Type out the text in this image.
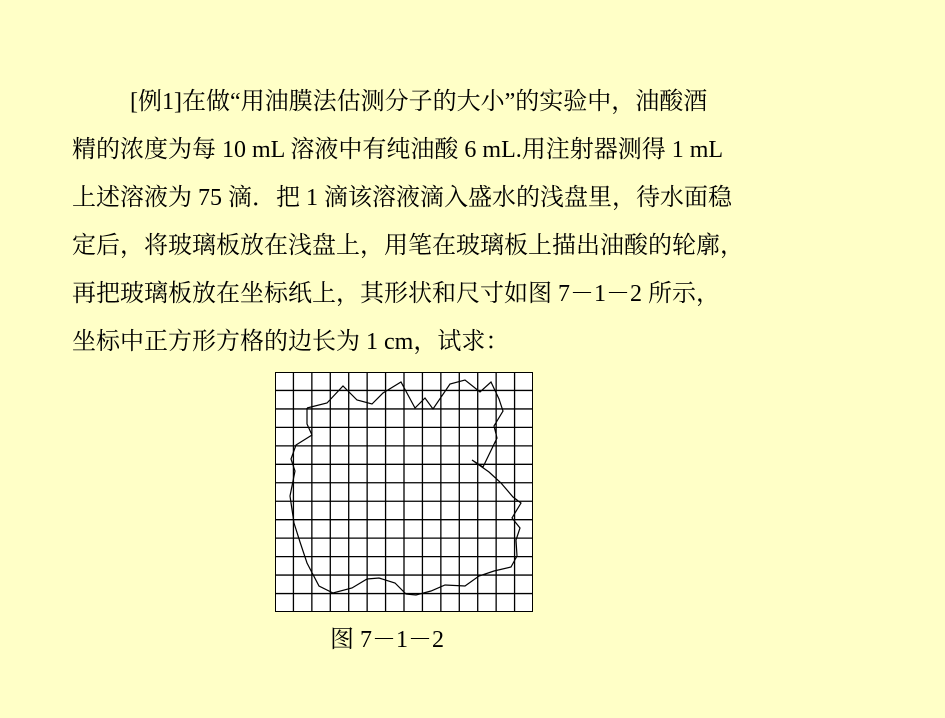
[例1]在做“用油膜法估测分子的大小”的实验中，油酸酒
精的浓度为每 10 mL 溶液中有纯油酸 6 mL.用注射器测得 1 mL
上述溶液为 75 滴．把 1 滴该溶液滴入盛水的浅盘里，待水面稳
定后，将玻璃板放在浅盘上，用笔在玻璃板上描出油酸的轮廓，
再把玻璃板放在坐标纸上，其形状和尺寸如图 7－1－2 所示，
坐标中正方形方格的边长为 1 cm，试求：
图 7－1－2
